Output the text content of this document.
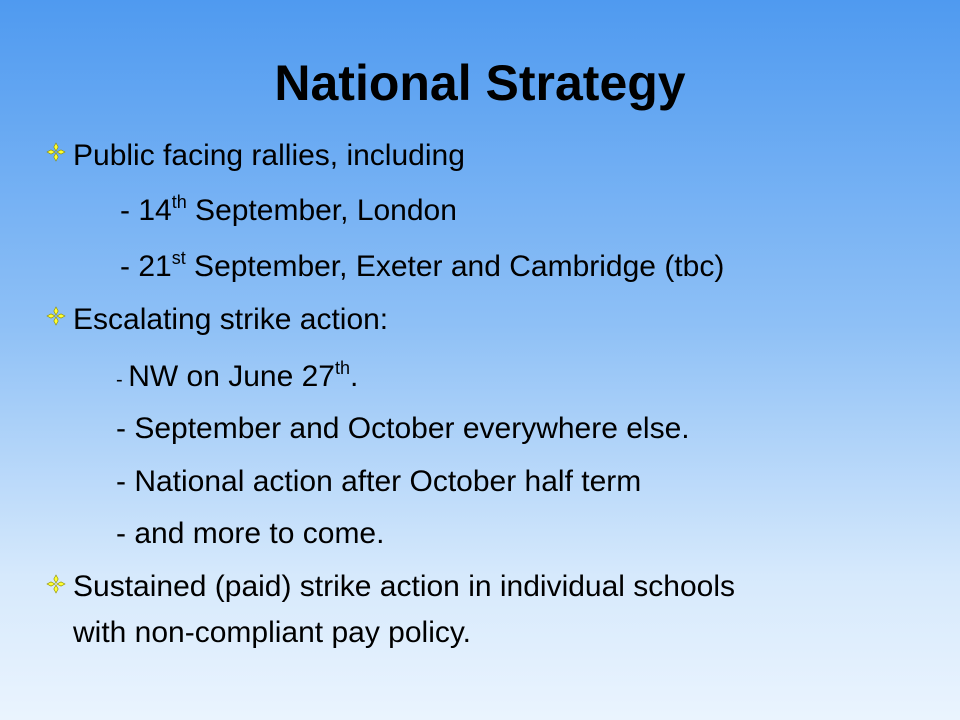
National Strategy
Public facing rallies, including
- 14th September, London
- 21st September, Exeter and Cambridge (tbc)
Escalating strike action:
- NW on June 27th.
- September and October everywhere else.
- National action after October half term
- and more to come.
Sustained (paid) strike action in individual schools
with non-compliant pay policy.
